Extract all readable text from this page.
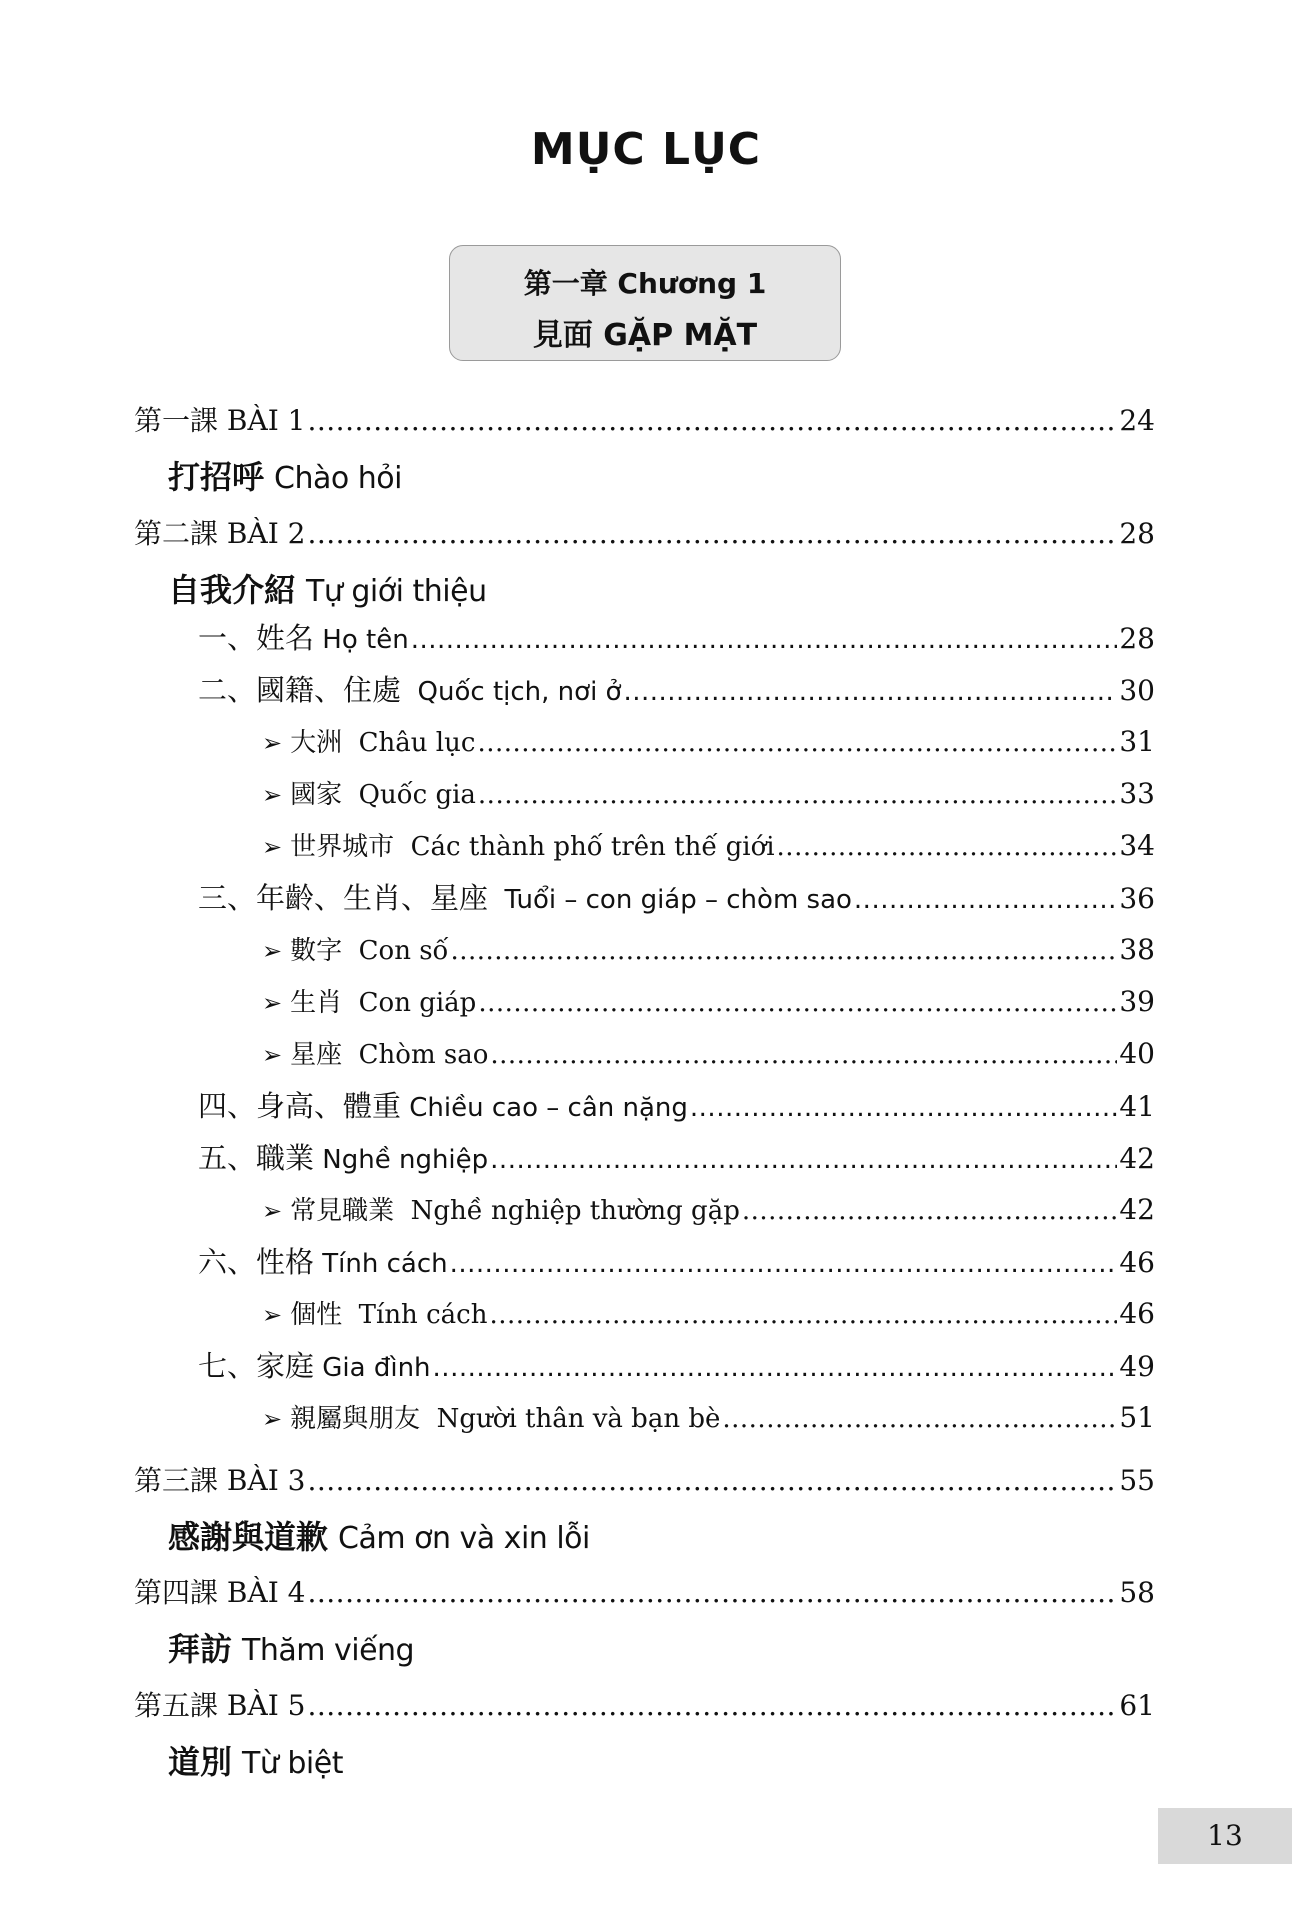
MỤC LỤC
第一章 Chương 1
見面 GẶP MẶT
第一課 BÀI 1 .....	24
打招呼 Chào hỏi
第二課 BÀI 2 .....	28
自我介紹 Tự giới thiệu
一、姓名 Họ tên .....	28
二、國籍、住處 Quốc tịch, nơi ở .....	30
➢ 大洲 Châu lục .....	31
➢ 國家 Quốc gia .....	33
➢ 世界城市 Các thành phố trên thế giới .....	34
三、年齡、生肖、星座 Tuổi – con giáp – chòm sao .....	36
➢ 數字 Con số .....	38
➢ 生肖 Con giáp .....	39
➢ 星座 Chòm sao .....	40
四、身高、體重 Chiều cao – cân nặng .....	41
五、職業 Nghề nghiệp .....	42
➢ 常見職業 Nghề nghiệp thường gặp .....	42
六、性格 Tính cách .....	46
➢ 個性 Tính cách .....	46
七、家庭 Gia đình .....	49
➢ 親屬與朋友 Người thân và bạn bè .....	51
第三課 BÀI 3 .....	55
感謝與道歉 Cảm ơn và xin lỗi
第四課 BÀI 4 .....	58
拜訪 Thăm viếng
第五課 BÀI 5 .....	61
道別 Từ biệt
13
